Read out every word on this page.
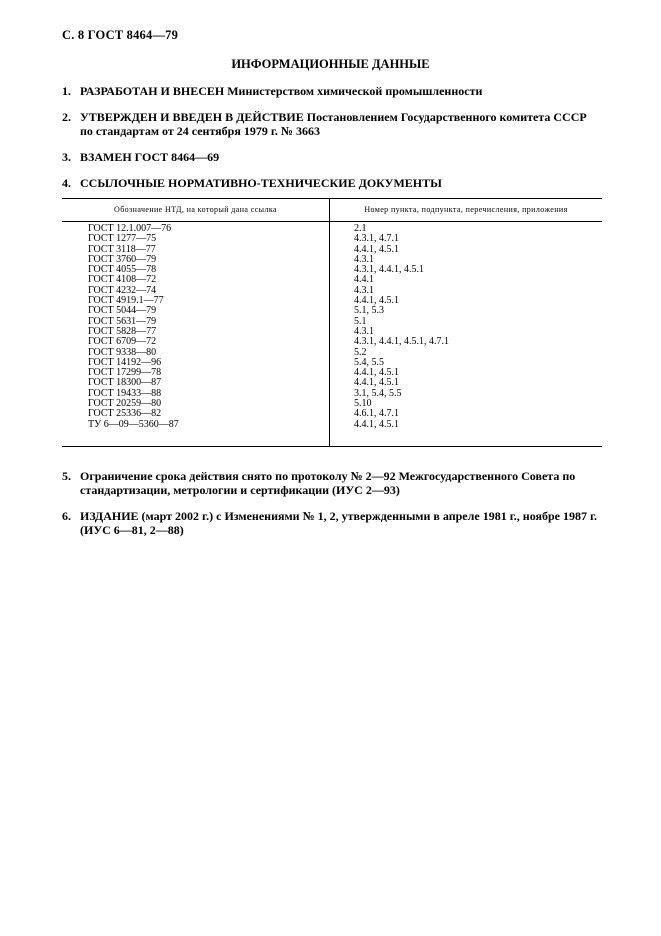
С. 8 ГОСТ 8464—79
ИНФОРМАЦИОННЫЕ ДАННЫЕ
1. РАЗРАБОТАН И ВНЕСЕН Министерством химической промышленности
2. УТВЕРЖДЕН И ВВЕДЕН В ДЕЙСТВИЕ Постановлением Государственного комитета СССР по стандартам от 24 сентября 1979 г. № 3663
3. ВЗАМЕН ГОСТ 8464—69
4. ССЫЛОЧНЫЕ НОРМАТИВНО-ТЕХНИЧЕСКИЕ ДОКУМЕНТЫ
Обозначение НТД, на который дана ссылка	Номер пункта, подпункта, перечисления, приложения
ГОСТ 12.1.007—76	2.1
ГОСТ 1277—75	4.3.1, 4.7.1
ГОСТ 3118—77	4.4.1, 4.5.1
ГОСТ 3760—79	4.3.1
ГОСТ 4055—78	4.3.1, 4.4.1, 4.5.1
ГОСТ 4108—72	4.4.1
ГОСТ 4232—74	4.3.1
ГОСТ 4919.1—77	4.4.1, 4.5.1
ГОСТ 5044—79	5.1, 5.3
ГОСТ 5631—79	5.1
ГОСТ 5828—77	4.3.1
ГОСТ 6709—72	4.3.1, 4.4.1, 4.5.1, 4.7.1
ГОСТ 9338—80	5.2
ГОСТ 14192—96	5.4, 5.5
ГОСТ 17299—78	4.4.1, 4.5.1
ГОСТ 18300—87	4.4.1, 4.5.1
ГОСТ 19433—88	3.1, 5.4, 5.5
ГОСТ 20259—80	5.10
ГОСТ 25336—82	4.6.1, 4.7.1
ТУ 6—09—5360—87	4.4.1, 4.5.1
5. Ограничение срока действия снято по протоколу № 2—92 Межгосударственного Совета по стандартизации, метрологии и сертификации (ИУС 2—93)
6. ИЗДАНИЕ (март 2002 г.) с Изменениями № 1, 2, утвержденными в апреле 1981 г., ноябре 1987 г. (ИУС 6—81, 2—88)
